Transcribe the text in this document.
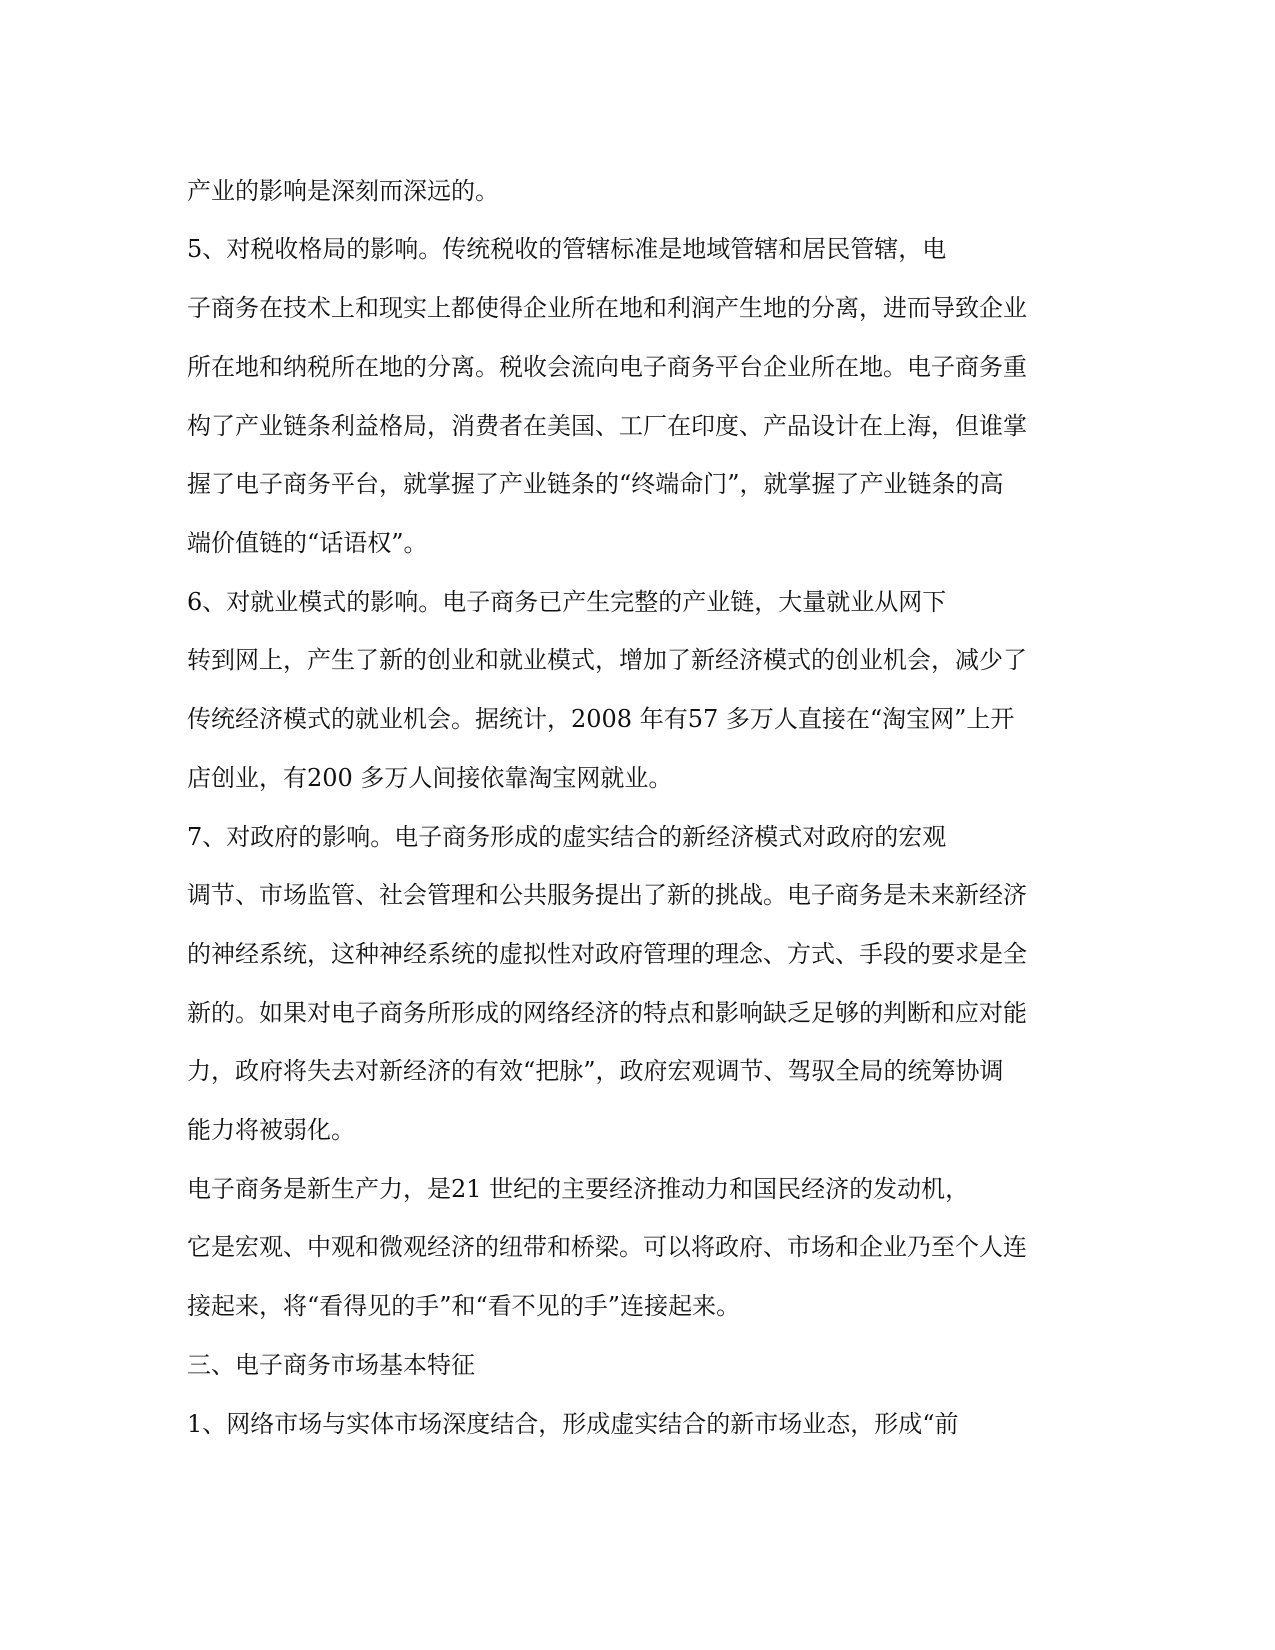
产业的影响是深刻而深远的。

5、对税收格局的影响。传统税收的管辖标准是地域管辖和居民管辖，电

子商务在技术上和现实上都使得企业所在地和利润产生地的分离，进而导致企业

所在地和纳税所在地的分离。税收会流向电子商务平台企业所在地。电子商务重

构了产业链条利益格局，消费者在美国、工厂在印度、产品设计在上海，但谁掌

握了电子商务平台，就掌握了产业链条的“终端命门”，就掌握了产业链条的高

端价值链的“话语权”。

6、对就业模式的影响。电子商务已产生完整的产业链，大量就业从网下

转到网上，产生了新的创业和就业模式，增加了新经济模式的创业机会，减少了

传统经济模式的就业机会。据统计，2008 年有57 多万人直接在“淘宝网”上开

店创业，有200 多万人间接依靠淘宝网就业。

7、对政府的影响。电子商务形成的虚实结合的新经济模式对政府的宏观

调节、市场监管、社会管理和公共服务提出了新的挑战。电子商务是未来新经济

的神经系统，这种神经系统的虚拟性对政府管理的理念、方式、手段的要求是全

新的。如果对电子商务所形成的网络经济的特点和影响缺乏足够的判断和应对能

力，政府将失去对新经济的有效“把脉”，政府宏观调节、驾驭全局的统筹协调

能力将被弱化。

电子商务是新生产力，是21 世纪的主要经济推动力和国民经济的发动机，

它是宏观、中观和微观经济的纽带和桥梁。可以将政府、市场和企业乃至个人连

接起来，将“看得见的手”和“看不见的手”连接起来。

三、电子商务市场基本特征

1、网络市场与实体市场深度结合，形成虚实结合的新市场业态，形成“前
